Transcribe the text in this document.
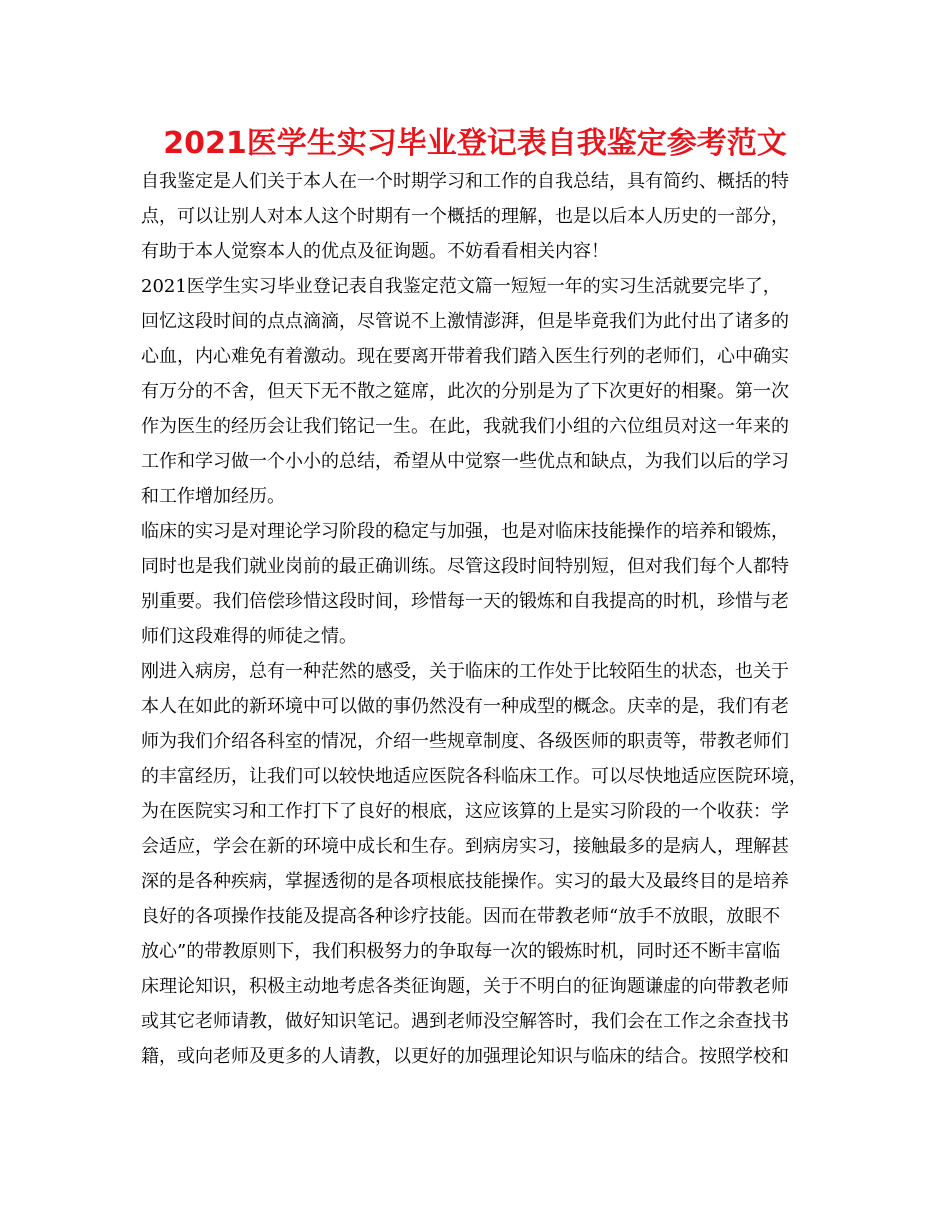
2021医学生实习毕业登记表自我鉴定参考范文
自我鉴定是人们关于本人在一个时期学习和工作的自我总结，具有简约、概括的特
点，可以让别人对本人这个时期有一个概括的理解，也是以后本人历史的一部分，
有助于本人觉察本人的优点及征询题。不妨看看相关内容！
2021医学生实习毕业登记表自我鉴定范文篇一短短一年的实习生活就要完毕了，
回忆这段时间的点点滴滴，尽管说不上激情澎湃，但是毕竟我们为此付出了诸多的
心血，内心难免有着激动。现在要离开带着我们踏入医生行列的老师们，心中确实
有万分的不舍，但天下无不散之筵席，此次的分别是为了下次更好的相聚。第一次
作为医生的经历会让我们铭记一生。在此，我就我们小组的六位组员对这一年来的
工作和学习做一个小小的总结，希望从中觉察一些优点和缺点，为我们以后的学习
和工作增加经历。
临床的实习是对理论学习阶段的稳定与加强，也是对临床技能操作的培养和锻炼，
同时也是我们就业岗前的最正确训练。尽管这段时间特别短，但对我们每个人都特
别重要。我们倍偿珍惜这段时间，珍惜每一天的锻炼和自我提高的时机，珍惜与老
师们这段难得的师徒之情。
刚进入病房，总有一种茫然的感受，关于临床的工作处于比较陌生的状态，也关于
本人在如此的新环境中可以做的事仍然没有一种成型的概念。庆幸的是，我们有老
师为我们介绍各科室的情况，介绍一些规章制度、各级医师的职责等，带教老师们
的丰富经历，让我们可以较快地适应医院各科临床工作。可以尽快地适应医院环境，
为在医院实习和工作打下了良好的根底，这应该算的上是实习阶段的一个收获：学
会适应，学会在新的环境中成长和生存。到病房实习，接触最多的是病人，理解甚
深的是各种疾病，掌握透彻的是各项根底技能操作。实习的最大及最终目的是培养
良好的各项操作技能及提高各种诊疗技能。因而在带教老师“放手不放眼，放眼不
放心”的带教原则下，我们积极努力的争取每一次的锻炼时机，同时还不断丰富临
床理论知识，积极主动地考虑各类征询题，关于不明白的征询题谦虚的向带教老师
或其它老师请教，做好知识笔记。遇到老师没空解答时，我们会在工作之余查找书
籍，或向老师及更多的人请教，以更好的加强理论知识与临床的结合。按照学校和
